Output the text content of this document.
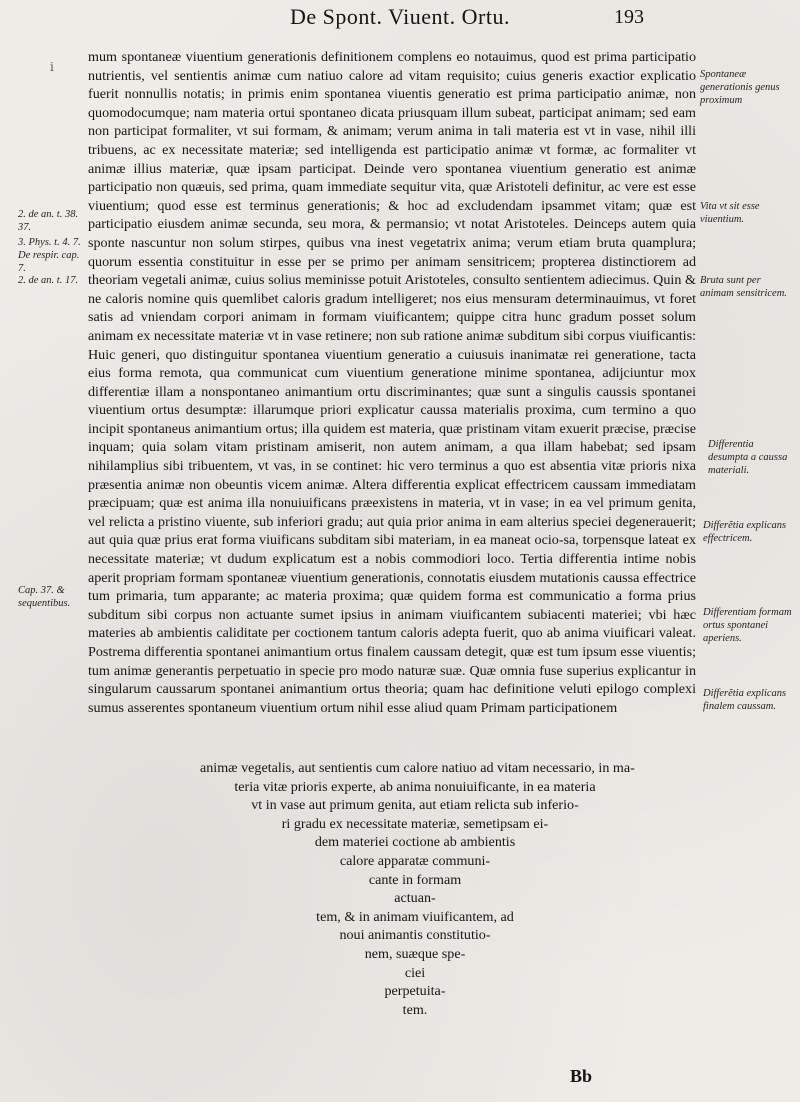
De Spont. Viuent. Ortu.	193
ⅰ

mum spontaneæ viuentium generationis definitionem complens eo notauimus, quod est prima participatio nutrientis, vel sentientis animæ cum natiuo calore ad vitam requisito; cuius generis exactior explicatio fuerit nonnullis notatis; in primis enim spontanea viuentis generatio est prima participatio animæ, non quomodocumque; nam materia ortui spontaneo dicata priusquam illum subeat, participat animam; sed eam non participat formaliter, vt sui formam, & animam; verum anima in tali materia est vt in vase, nihil illi tribuens, ac ex necessitate materiæ; sed intelligenda est participatio animæ vt formæ, ac formaliter vt animæ illius materiæ, quæ ipsam participat. Deinde vero spontanea viuentium generatio est animæ participatio non quæuis, sed prima, quam immediate sequitur vita, quæ Aristoteli definitur, ac vere est esse viuentium; quod esse est terminus generationis; & hoc ad excludendam ipsammet vitam; quæ est participatio eiusdem animæ secunda, seu mora, & permansio; vt notat Aristoteles. Deinceps autem quia sponte nascuntur non solum stirpes, quibus vna inest vegetatrix anima; verum etiam bruta quamplura; quorum essentia constituitur in esse per se primo per animam sensitricem; propterea distinctiorem ad theoriam vegetali animæ, cuius solius meminisse potuit Aristoteles, consulto sentientem adiecimus. Quin & ne caloris nomine quis quemlibet caloris gradum intelligeret; nos eius mensuram determinauimus, vt foret satis ad vniendam corpori animam in formam viuificantem; quippe citra hunc gradum posset solum animam ex necessitate materiæ vt in vase retinere; non sub ratione animæ subditum sibi corpus viuificantis: Huic generi, quo distinguitur spontanea viuentium generatio a cuiusuis inanimatæ rei generatione, tacta eius forma remota, qua communicat cum viuentium generatione minime spontanea, adijciuntur mox differentiæ illam a nonspontaneo animantium ortu discriminantes; quæ sunt a singulis caussis spontanei viuentium ortus desumptæ: illarumque priori explicatur caussa materialis proxima, cum termino a quo incipit spontaneus animantium ortus; illa quidem est materia, quæ pristinam vitam exuerit præcise, præcise inquam; quia solam vitam pristinam amiserit, non autem animam, a qua illam habebat; sed ipsam nihilamplius sibi tribuentem, vt vas, in se continet: hic vero terminus a quo est absentia vitæ prioris nixa præsentia animæ non obeuntis vicem animæ. Altera differentia explicat effectricem caussam immediatam præcipuam; quæ est anima illa nonuiuificans præexistens in materia, vt in vase; in ea vel primum genita, vel relicta a pristino viuente, sub inferiori gradu; aut quia prior anima in eam alterius speciei degenerauerit; aut quia quæ prius erat forma viuificans subditam sibi materiam, in ea maneat ocio-sa, torpensque lateat ex necessitate materiæ; vt dudum explicatum est a nobis commodiori loco. Tertia differentia intime nobis aperit propriam formam spontaneæ viuentium generationis, connotatis eiusdem mutationis caussa effectrice tum primaria, tum apparante; ac materia proxima; quæ quidem forma est communicatio a forma prius subditum sibi corpus non actuante sumet ipsius in animam viuificantem subiacenti materiei; vbi hæc materies ab ambientis caliditate per coctionem tantum caloris adepta fuerit, quo ab anima viuificari valeat. Postrema differentia spontanei animantium ortus finalem caussam detegit, quæ est tum ipsum esse viuentis; tum animæ generantis perpetuatio in specie pro modo naturæ suæ. Quæ omnia fuse superius explicantur in singularum caussarum spontanei animantium ortus theoria; quam hac definitione veluti epilogo complexi sumus asserentes spontaneum viuentium ortum nihil esse aliud quam Primam participationem

animæ vegetalis, aut sentientis cum calore natiuo ad vitam necessario, in ma-
teria vitæ prioris experte, ab anima nonuiuificante, in ea materia
vt in vase aut primum genita, aut etiam relicta sub inferio-
ri gradu ex necessitate materiæ, semetipsam ei-
dem materiei coctione ab ambientis
calore apparatæ communi-
cante in formam
actuan-
tem, & in animam viuificantem, ad
noui animantis constitutio-
nem, suæque spe-
ciei
perpetuita-
tem.
Spontaneæ generationis genus proximum
Vita vt sit esse viuentium.
Bruta sunt per animam sensitricem.
Differentia desumpta a caussa materiali.
Differẽtia explicans effectricem.
Differentiam formam ortus spontanei aperiens.
Differẽtia explicans finalem caussam.
2. de an. t. 38. 37.
3. Phys. t. 4. 7.
De respir. cap. 7.
2. de an. t. 17.
Cap. 37. & sequentibus.
Bb
